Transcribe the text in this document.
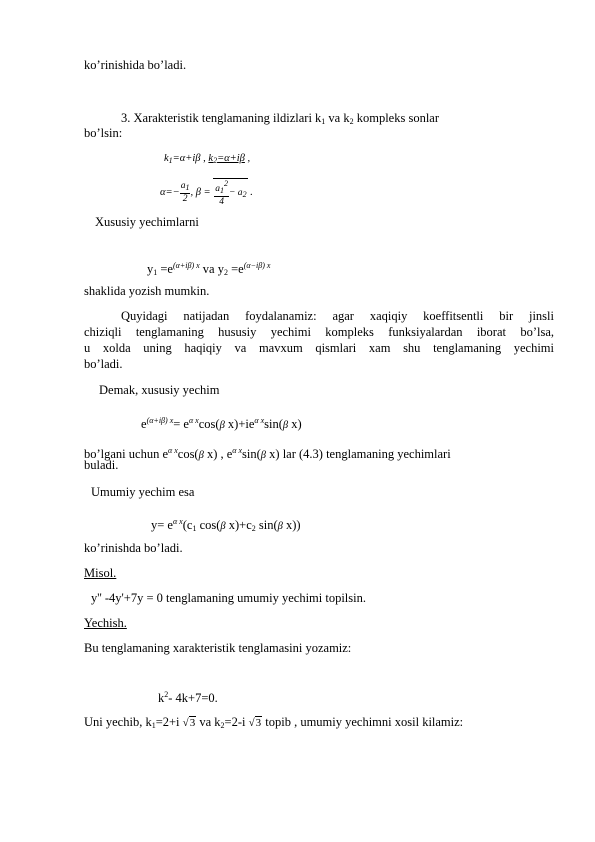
ko’rinishida bo’ladi.
3. Xarakteristik tenglamaning ildizlari $k_1$ va $k_2$ kompleks sonlar
bo’lsin:
$k_1=\alpha+i\beta$ , $k_2=\alpha+i\beta$ ,
$\alpha=- \frac{a_1}{2}$ , $\beta = \frac{a_1^2}{4} - a_2$ .
Xususiy yechimlarni
$y_1 =e^{(\alpha+i\beta) x}$ va $y_2 =e^{(\alpha-i\beta) x}$
shaklida yozish mumkin.
Quyidagi natijadan foydalanamiz: agar xaqiqiy koeffitsentli bir jinsli
chiziqli tenglamaning hususiy yechimi kompleks funksiyalardan iborat bo’lsa,
u xolda uning haqiqiy va mavxum qismlari xam shu tenglamaning yechimi
bo’ladi.
Demak, xususiy yechim
$e^{(\alpha+i\beta) x}= e^{\alpha x}\cos(\beta$ $x)+ie^{\alpha x}\sin(\beta$ x)
bo’lgani uchun $e^{\alpha x}\cos(\beta$ x) , $e^{\alpha x}\sin(\beta$ x) lar (4.3) tenglamaning yechimlari
buladi.
Umumiy yechim esa
$y= e^{\alpha x}(c_1$ cos(β $x)+c_2$ sin(β x))
ko’rinishda bo’ladi.
Misol.
y'' -4y'+7y = 0 tenglamaning umumiy yechimi topilsin.
Yechish.
Bu tenglamaning xarakteristik tenglamasini yozamiz:
$k^2-$ 4k+7=0.
Uni yechib, $k_1=2+i$ √3 va $k_2=2-i$ √3 topib , umumiy yechimni xosil kilamiz:
